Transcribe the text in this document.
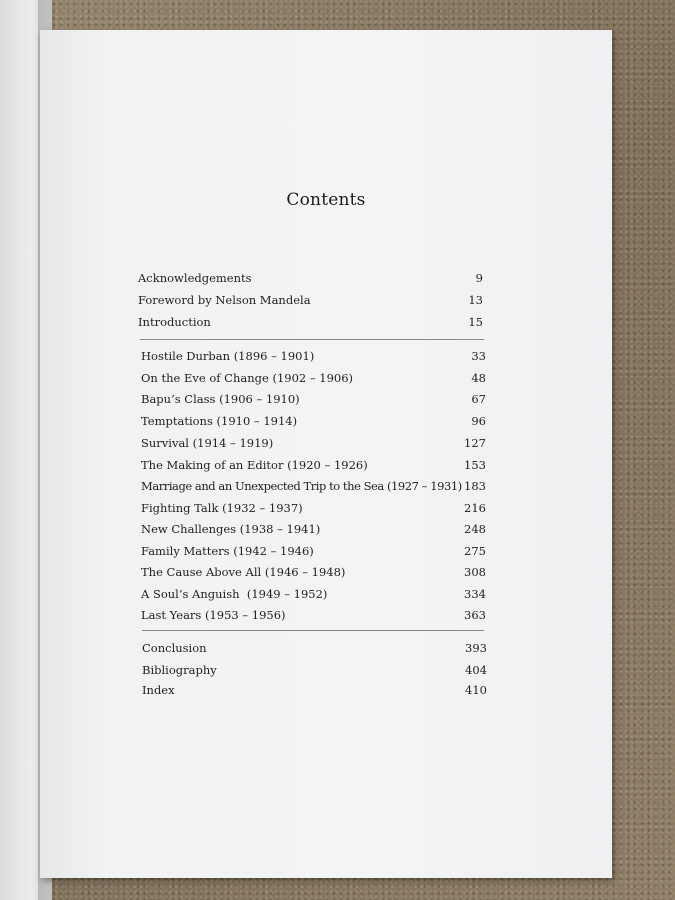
Contents
Acknowledgements	9
Foreword by Nelson Mandela	13
Introduction	15
Hostile Durban (1896 – 1901)	33
On the Eve of Change (1902 – 1906)	48
Bapu’s Class (1906 – 1910)	67
Temptations (1910 – 1914)	96
Survival (1914 – 1919)	127
The Making of an Editor (1920 – 1926)	153
Marriage and an Unexpected Trip to the Sea (1927 – 1931) 183
Fighting Talk (1932 – 1937)	216
New Challenges (1938 – 1941)	248
Family Matters (1942 – 1946)	275
The Cause Above All (1946 – 1948)	308
A Soul’s Anguish  (1949 – 1952)	334
Last Years (1953 – 1956)	363
Conclusion	393
Bibliography	404
Index	410
